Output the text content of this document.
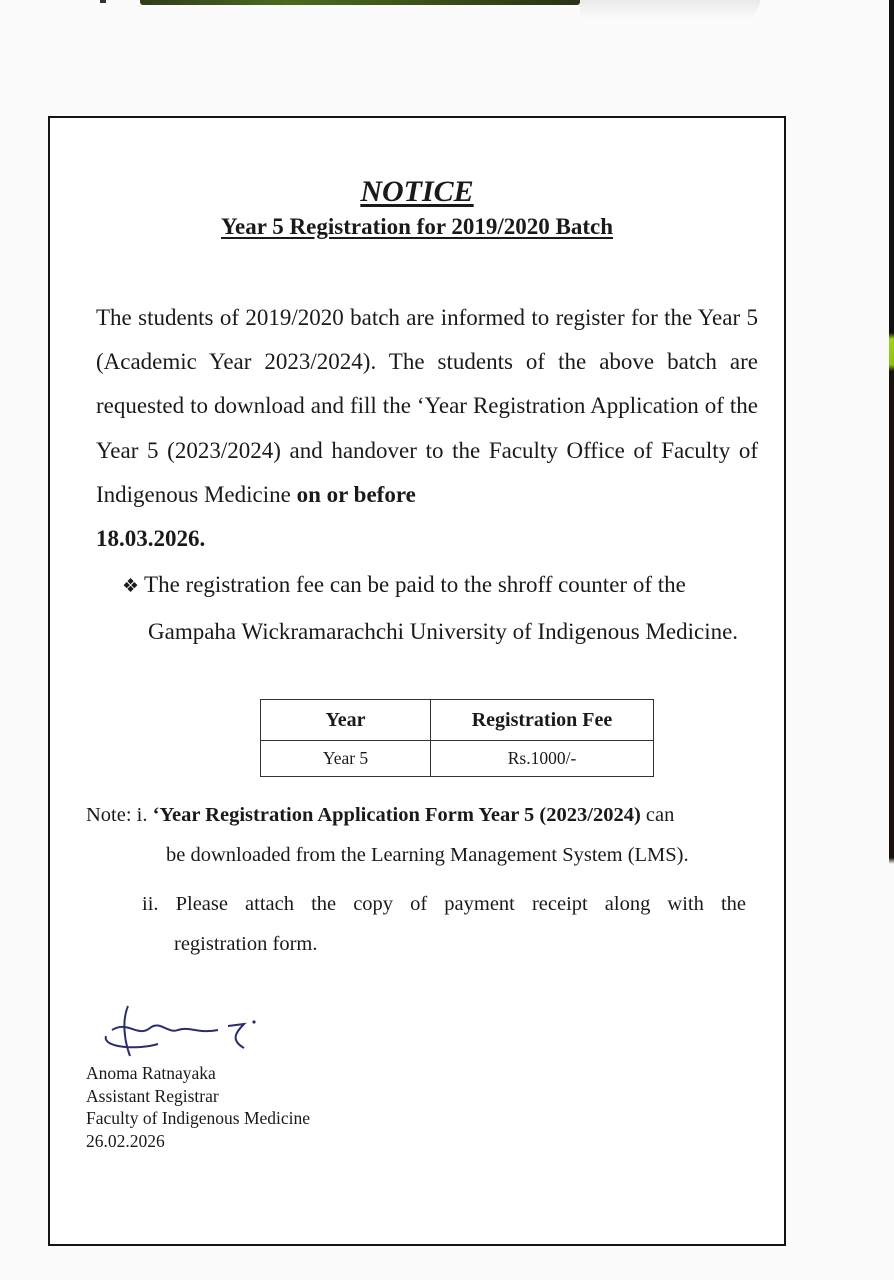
NOTICE
Year 5 Registration for 2019/2020 Batch
The students of 2019/2020 batch are informed to register for the Year 5 (Academic Year 2023/2024). The students of the above batch are requested to download and fill the ‘Year Registration Application of the Year 5 (2023/2024) and handover to the Faculty Office of Faculty of Indigenous Medicine on or before
18.03.2026.
❖ The registration fee can be paid to the shroff counter of the
Gampaha Wickramarachchi University of Indigenous Medicine.
Year	Registration Fee
Year 5	Rs.1000/-
Note: i. ‘Year Registration Application Form Year 5 (2023/2024) can
be downloaded from the Learning Management System (LMS).
ii. Please attach the copy of payment receipt along with the
registration form.
Anoma Ratnayaka
Assistant Registrar
Faculty of Indigenous Medicine
26.02.2026
